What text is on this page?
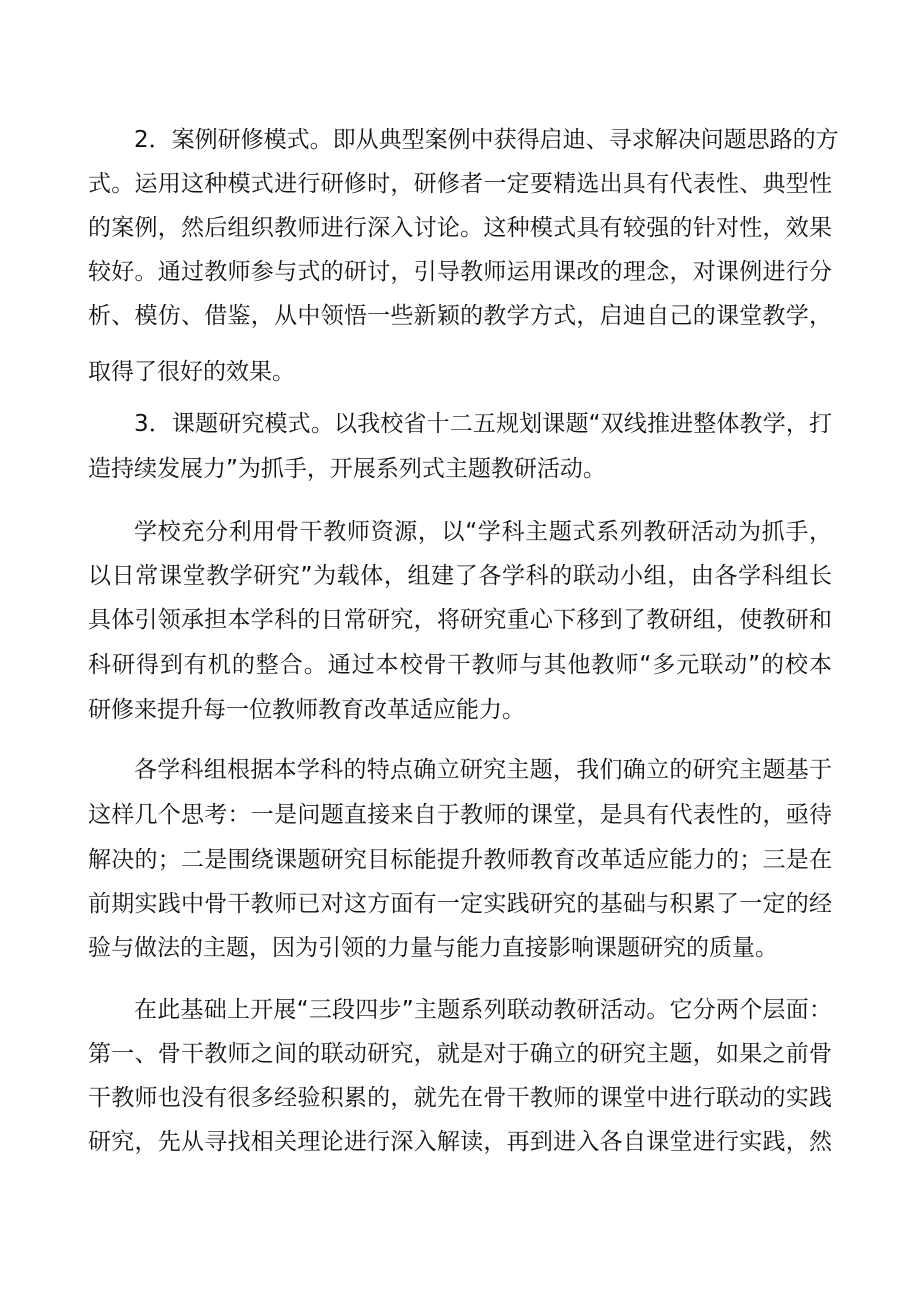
2．案例研修模式。即从典型案例中获得启迪、寻求解决问题思路的方
式。运用这种模式进行研修时，研修者一定要精选出具有代表性、典型性
的案例，然后组织教师进行深入讨论。这种模式具有较强的针对性，效果
较好。通过教师参与式的研讨，引导教师运用课改的理念，对课例进行分
析、模仿、借鉴，从中领悟一些新颖的教学方式，启迪自己的课堂教学，
取得了很好的效果。
3．课题研究模式。以我校省十二五规划课题“双线推进整体教学，打
造持续发展力”为抓手，开展系列式主题教研活动。
学校充分利用骨干教师资源，以“学科主题式系列教研活动为抓手，
以日常课堂教学研究”为载体，组建了各学科的联动小组，由各学科组长
具体引领承担本学科的日常研究，将研究重心下移到了教研组，使教研和
科研得到有机的整合。通过本校骨干教师与其他教师“多元联动”的校本
研修来提升每一位教师教育改革适应能力。
各学科组根据本学科的特点确立研究主题，我们确立的研究主题基于
这样几个思考：一是问题直接来自于教师的课堂，是具有代表性的，亟待
解决的；二是围绕课题研究目标能提升教师教育改革适应能力的；三是在
前期实践中骨干教师已对这方面有一定实践研究的基础与积累了一定的经
验与做法的主题，因为引领的力量与能力直接影响课题研究的质量。
在此基础上开展“三段四步”主题系列联动教研活动。它分两个层面：
第一、骨干教师之间的联动研究，就是对于确立的研究主题，如果之前骨
干教师也没有很多经验积累的，就先在骨干教师的课堂中进行联动的实践
研究，先从寻找相关理论进行深入解读，再到进入各自课堂进行实践，然
